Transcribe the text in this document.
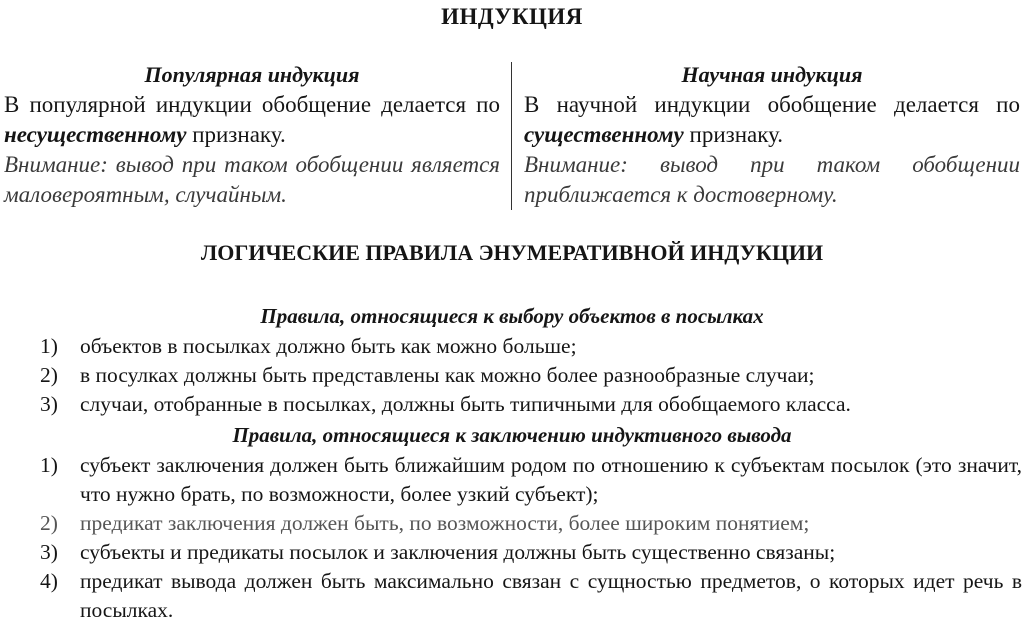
ИНДУКЦИЯ
Популярная индукция
В популярной индукции обобщение делается по несущественному признаку.
Внимание: вывод при таком обобщении является маловероятным, случайным.
Научная индукция
В научной индукции обобщение делается по существенному признаку.
Внимание: вывод при таком обобщении приближается к достоверному.
ЛОГИЧЕСКИЕ ПРАВИЛА ЭНУМЕРАТИВНОЙ ИНДУКЦИИ
Правила, относящиеся к выбору объектов в посылках
1) объектов в посылках должно быть как можно больше;
2) в посулках должны быть представлены как можно более разнообразные случаи;
3) случаи, отобранные в посылках, должны быть типичными для обобщаемого класса.
Правила, относящиеся к заключению индуктивного вывода
1) субъект заключения должен быть ближайшим родом по отношению к субъектам посылок (это значит, что нужно брать, по возможности, более узкий субъект);
2) предикат заключения должен быть, по возможности, более широким понятием;
3) субъекты и предикаты посылок и заключения должны быть существенно связаны;
4) предикат вывода должен быть максимально связан с сущностью предметов, о которых идет речь в посылках.
